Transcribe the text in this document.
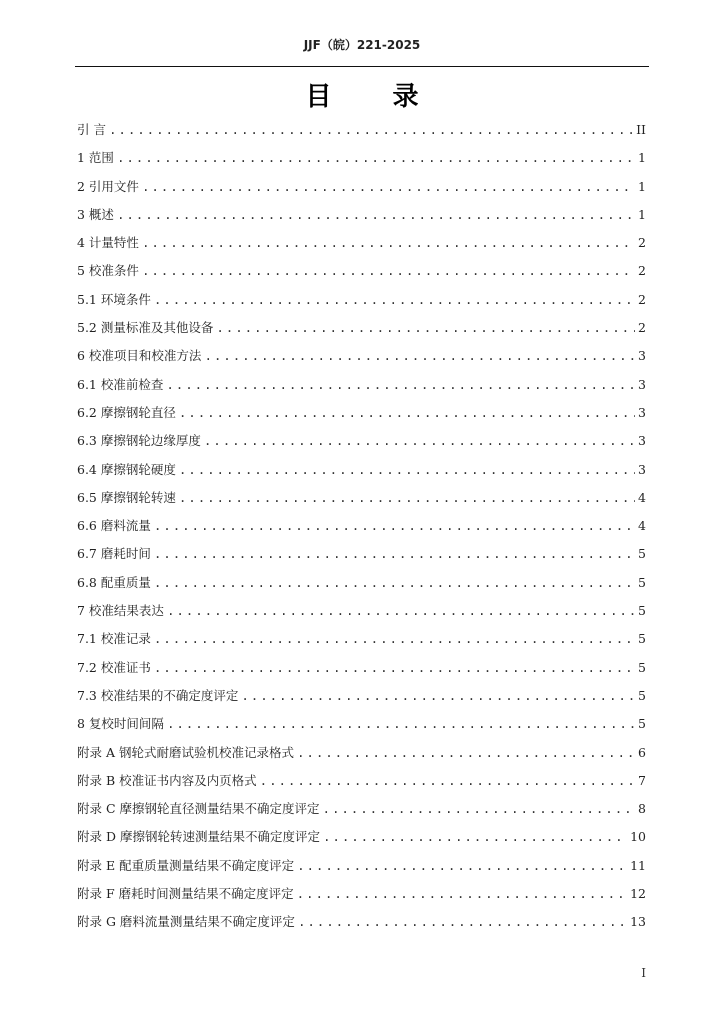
JJF（皖）221-2025
目 录
引 言 .....	II
1 范围 .....	1
2 引用文件 .....	1
3 概述 .....	1
4 计量特性 .....	2
5 校准条件 .....	2
5.1 环境条件 .....	2
5.2 测量标准及其他设备 .....	2
6 校准项目和校准方法 .....	3
6.1 校准前检查 .....	3
6.2 摩擦钢轮直径 .....	3
6.3 摩擦钢轮边缘厚度 .....	3
6.4 摩擦钢轮硬度 .....	3
6.5 摩擦钢轮转速 .....	4
6.6 磨料流量 .....	4
6.7 磨耗时间 .....	5
6.8 配重质量 .....	5
7 校准结果表达 .....	5
7.1 校准记录 .....	5
7.2 校准证书 .....	5
7.3 校准结果的不确定度评定 .....	5
8 复校时间间隔 .....	5
附录 A 钢轮式耐磨试验机校准记录格式 .....	6
附录 B 校准证书内容及内页格式 .....	7
附录 C 摩擦钢轮直径测量结果不确定度评定 .....	8
附录 D 摩擦钢轮转速测量结果不确定度评定 .....	10
附录 E 配重质量测量结果不确定度评定 .....	11
附录 F 磨耗时间测量结果不确定度评定 .....	12
附录 G 磨料流量测量结果不确定度评定 .....	13
I
